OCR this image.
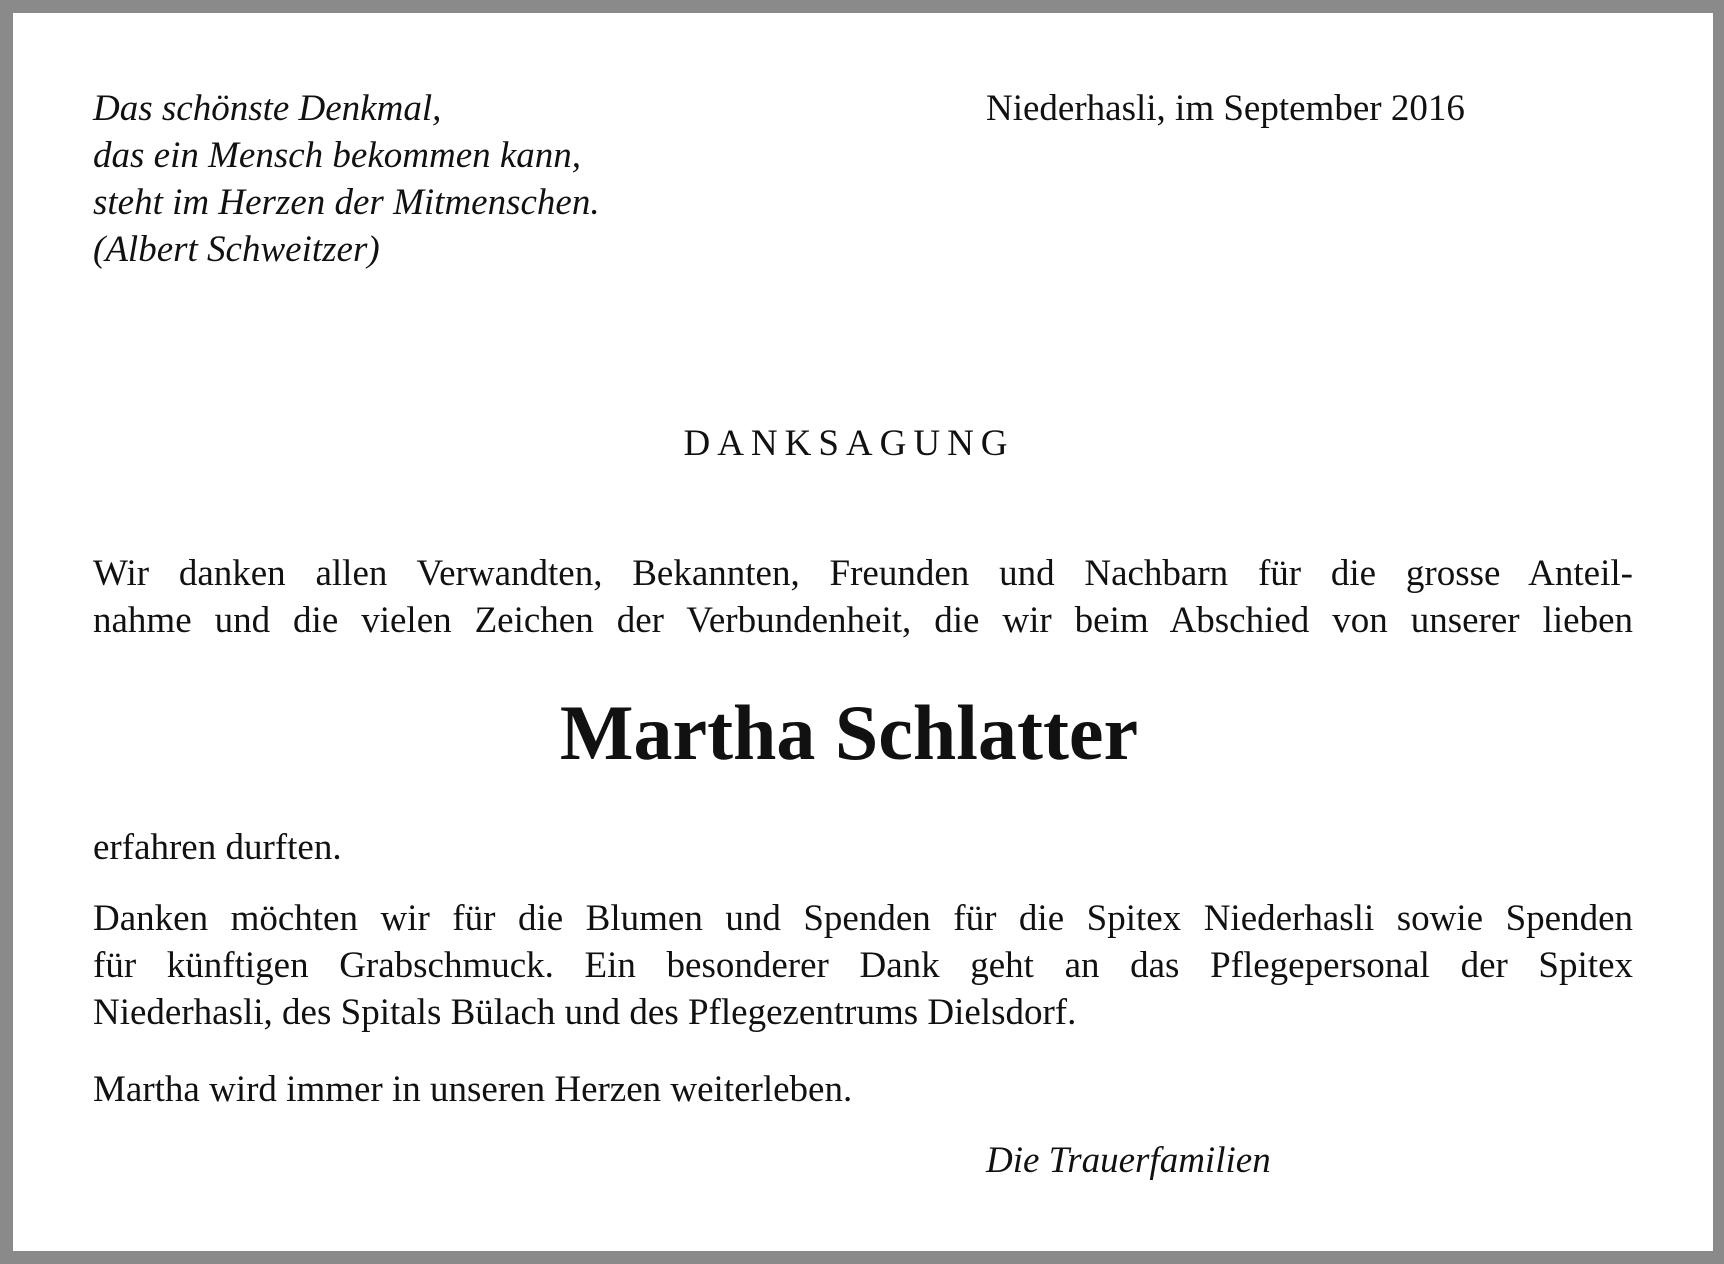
Das schönste Denkmal,
das ein Mensch bekommen kann,
steht im Herzen der Mitmenschen.
(Albert Schweitzer)
Niederhasli, im September 2016
DANKSAGUNG
Wir danken allen Verwandten, Bekannten, Freunden und Nachbarn für die grosse Anteil-
nahme und die vielen Zeichen der Verbundenheit, die wir beim Abschied von unserer lieben
Martha Schlatter
erfahren durften.
Danken möchten wir für die Blumen und Spenden für die Spitex Niederhasli sowie Spenden
für künftigen Grabschmuck. Ein besonderer Dank geht an das Pflegepersonal der Spitex
Niederhasli, des Spitals Bülach und des Pflegezentrums Dielsdorf.
Martha wird immer in unseren Herzen weiterleben.
Die Trauerfamilien
